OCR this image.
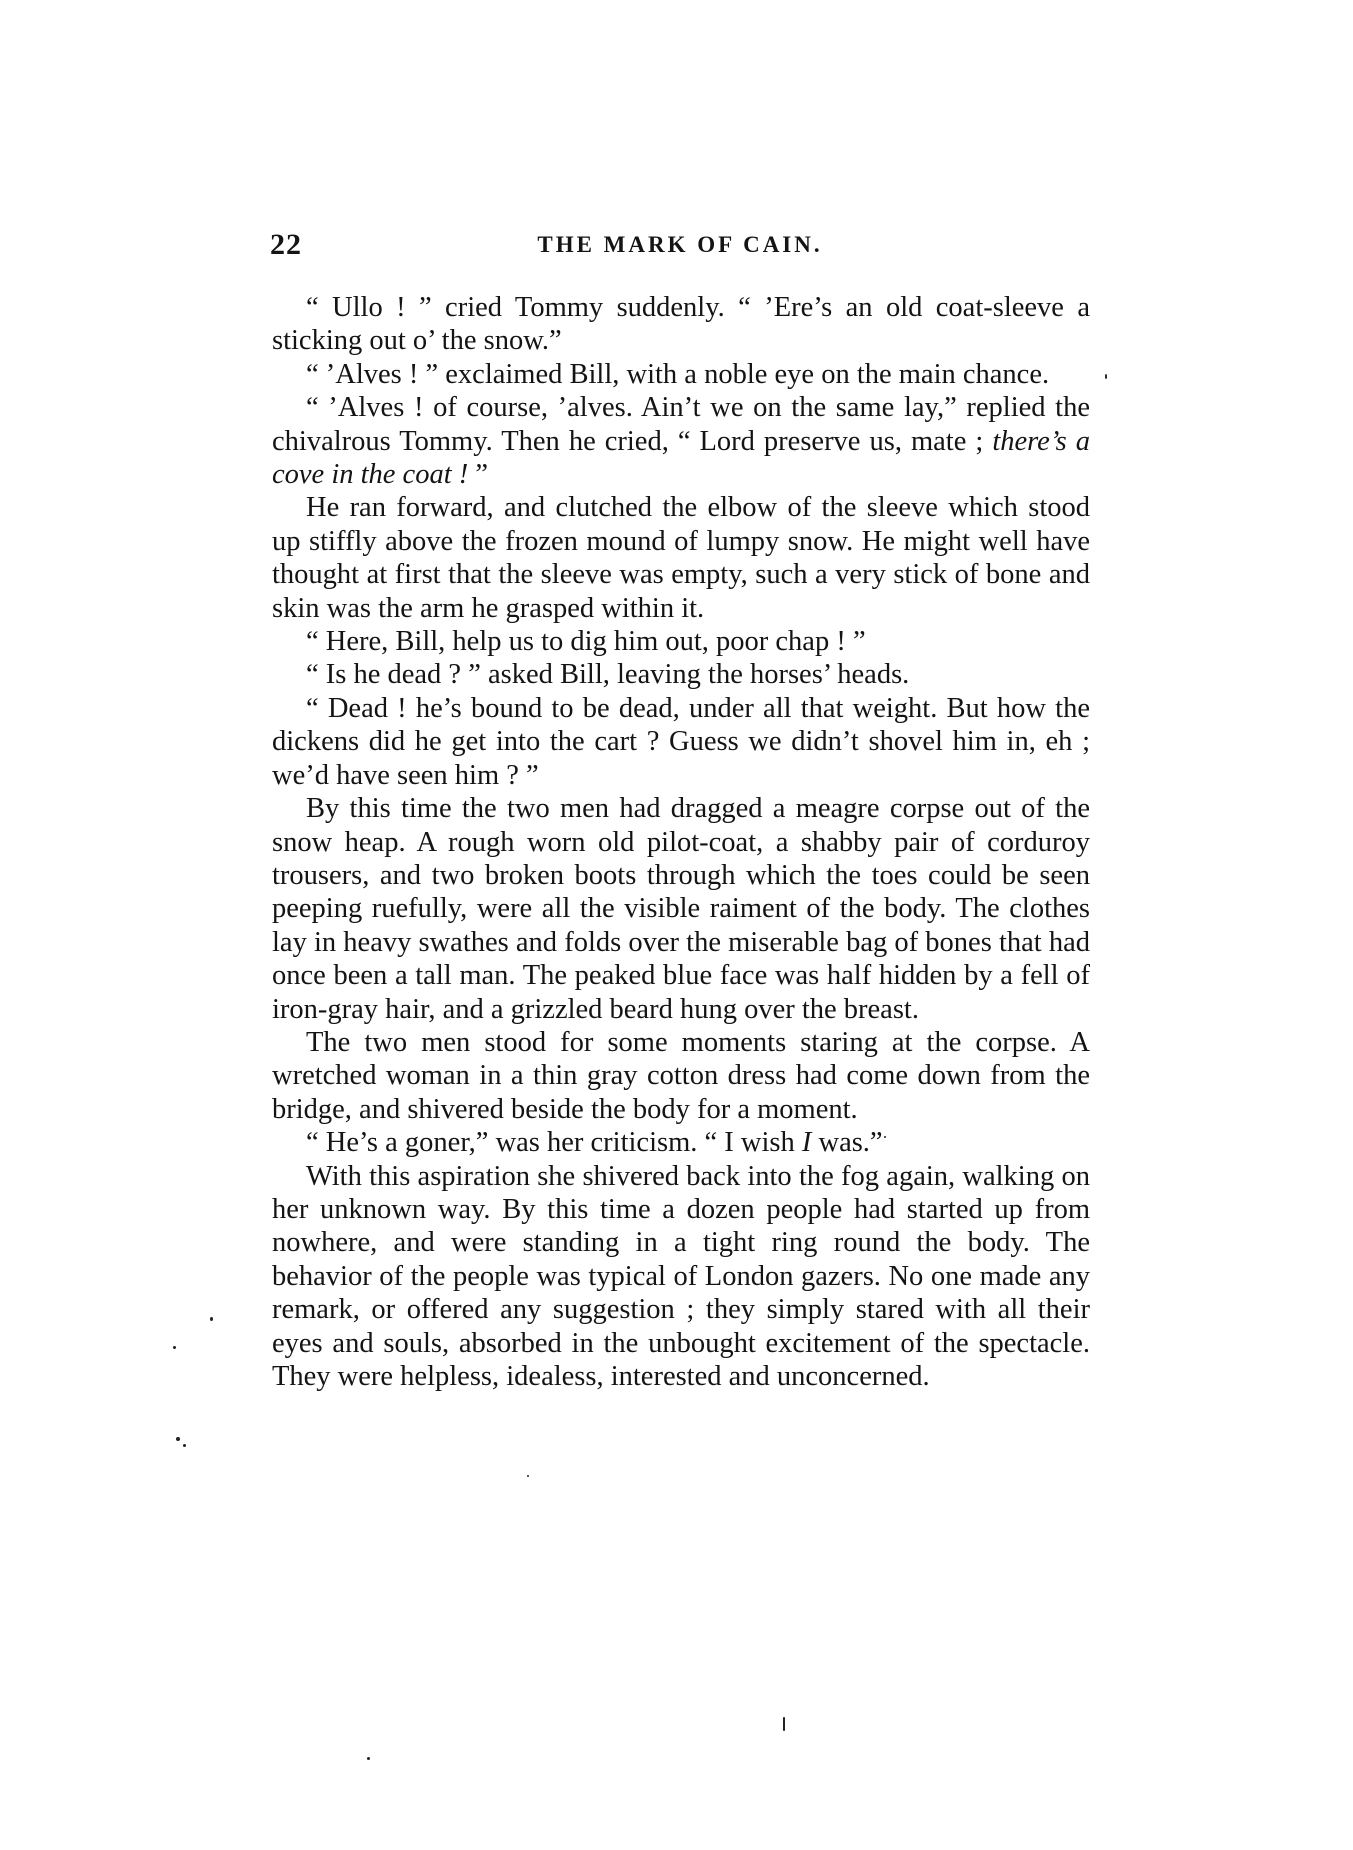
22	THE MARK OF CAIN.

“ Ullo ! ” cried Tommy suddenly. “ ’Ere’s an old coat-sleeve a sticking out o’ the snow.”

“ ’Alves ! ” exclaimed Bill, with a noble eye on the main chance.

“ ’Alves ! of course, ’alves. Ain’t we on the same lay,” replied the chivalrous Tommy. Then he cried, “ Lord preserve us, mate ; there’s a cove in the coat ! ”

He ran forward, and clutched the elbow of the sleeve which stood up stiffly above the frozen mound of lumpy snow. He might well have thought at first that the sleeve was empty, such a very stick of bone and skin was the arm he grasped within it.

“ Here, Bill, help us to dig him out, poor chap ! ”

“ Is he dead ? ” asked Bill, leaving the horses’ heads.

“ Dead ! he’s bound to be dead, under all that weight. But how the dickens did he get into the cart ? Guess we didn’t shovel him in, eh ; we’d have seen him ? ”

By this time the two men had dragged a meagre corpse out of the snow heap. A rough worn old pilot-coat, a shabby pair of corduroy trousers, and two broken boots through which the toes could be seen peeping ruefully, were all the visible raiment of the body. The clothes lay in heavy swathes and folds over the miserable bag of bones that had once been a tall man. The peaked blue face was half hidden by a fell of iron-gray hair, and a grizzled beard hung over the breast.

The two men stood for some moments staring at the corpse. A wretched woman in a thin gray cotton dress had come down from the bridge, and shivered beside the body for a moment.

“ He’s a goner,” was her criticism. “ I wish I was.”

With this aspiration she shivered back into the fog again, walking on her unknown way. By this time a dozen people had started up from nowhere, and were standing in a tight ring round the body. The behavior of the people was typical of London gazers. No one made any remark, or offered any suggestion ; they simply stared with all their eyes and souls, absorbed in the unbought excitement of the spectacle. They were helpless, idealess, interested and unconcerned.
